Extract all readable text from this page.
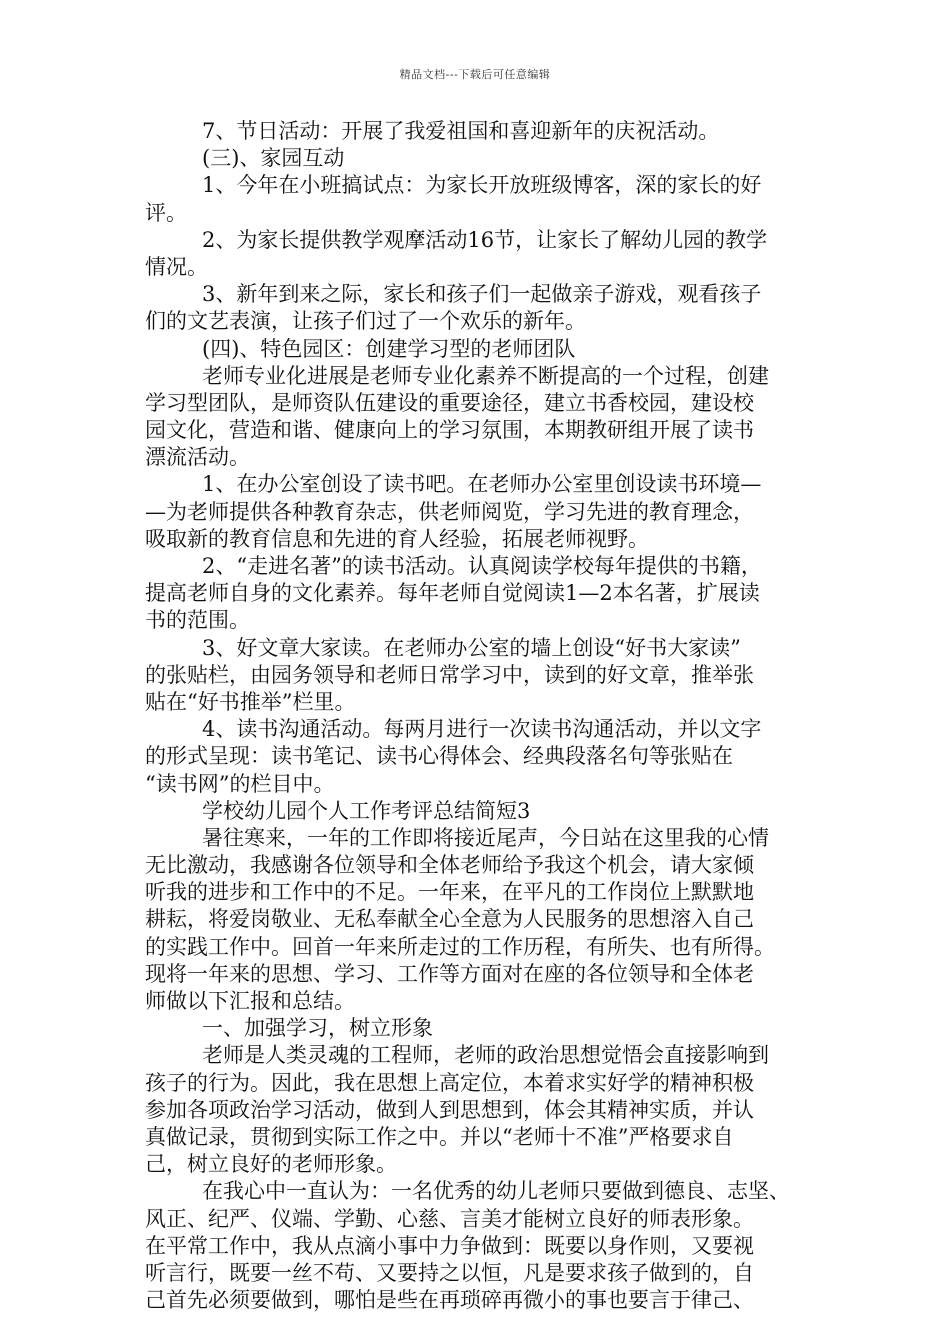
精品文档---下载后可任意编辑
7、节日活动：开展了我爱祖国和喜迎新年的庆祝活动。
(三)、家园互动
1、今年在小班搞试点：为家长开放班级博客，深的家长的好
评。
2、为家长提供教学观摩活动16节，让家长了解幼儿园的教学
情况。
3、新年到来之际，家长和孩子们一起做亲子游戏，观看孩子
们的文艺表演，让孩子们过了一个欢乐的新年。
(四)、特色园区：创建学习型的老师团队
老师专业化进展是老师专业化素养不断提高的一个过程，创建
学习型团队，是师资队伍建设的重要途径，建立书香校园，建设校
园文化，营造和谐、健康向上的学习氛围，本期教研组开展了读书
漂流活动。
1、在办公室创设了读书吧。在老师办公室里创设读书环境—
—为老师提供各种教育杂志，供老师阅览，学习先进的教育理念，
吸取新的教育信息和先进的育人经验，拓展老师视野。
2、“走进名著”的读书活动。认真阅读学校每年提供的书籍，
提高老师自身的文化素养。每年老师自觉阅读1—2本名著，扩展读
书的范围。
3、好文章大家读。在老师办公室的墙上创设“好书大家读”
的张贴栏，由园务领导和老师日常学习中，读到的好文章，推举张
贴在“好书推举”栏里。
4、读书沟通活动。每两月进行一次读书沟通活动，并以文字
的形式呈现：读书笔记、读书心得体会、经典段落名句等张贴在
“读书网”的栏目中。
学校幼儿园个人工作考评总结简短3
暑往寒来，一年的工作即将接近尾声，今日站在这里我的心情
无比激动，我感谢各位领导和全体老师给予我这个机会，请大家倾
听我的进步和工作中的不足。一年来，在平凡的工作岗位上默默地
耕耘，将爱岗敬业、无私奉献全心全意为人民服务的思想溶入自己
的实践工作中。回首一年来所走过的工作历程，有所失、也有所得。
现将一年来的思想、学习、工作等方面对在座的各位领导和全体老
师做以下汇报和总结。
一、加强学习，树立形象
老师是人类灵魂的工程师，老师的政治思想觉悟会直接影响到
孩子的行为。因此，我在思想上高定位，本着求实好学的精神积极
参加各项政治学习活动，做到人到思想到，体会其精神实质，并认
真做记录，贯彻到实际工作之中。并以“老师十不准”严格要求自
己，树立良好的老师形象。
在我心中一直认为：一名优秀的幼儿老师只要做到德良、志坚、
风正、纪严、仪端、学勤、心慈、言美才能树立良好的师表形象。
在平常工作中，我从点滴小事中力争做到：既要以身作则，又要视
听言行，既要一丝不苟、又要持之以恒，凡是要求孩子做到的，自
己首先必须要做到，哪怕是些在再琐碎再微小的事也要言于律己、
